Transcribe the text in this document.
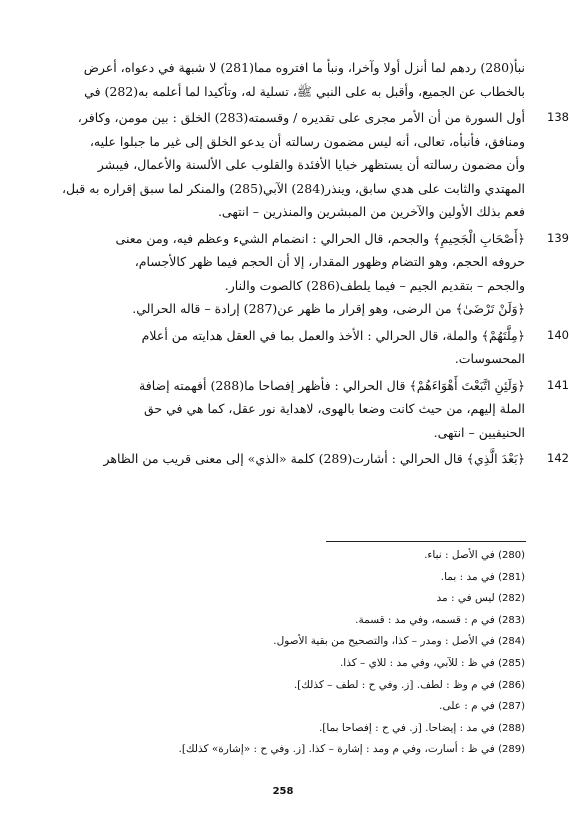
نبأ(280) ردهم لما أنزل أولا وآخرا، ونبأ ما افتروه مما(281) لا شبهة في دعواه، أعرض
بالخطاب عن الجميع، وأقبل به على النبي ﷺ، تسلية له، وتأكيدا لما أعلمه به(282) في
138
أول السورة من أن الأمر مجرى على تقديره / وقسمته(283) الخلق : بين مومن، وكافر،
ومنافق، فأنبأه، تعالى، أنه ليس مضمون رسالته أن يدعو الخلق إلى غير ما جبلوا عليه،
وأن مضمون رسالته أن يستظهر خبايا الأفئدة والقلوب على الألسنة والأعمال، فيبشر
المهتدي والثابت على هدي سابق، وينذر(284) الآبي(285) والمنكر لما سبق إقراره به قبل،
فعم بذلك الأولين والآخرين من المبشرين والمنذرين – انتهى.
139
﴿أَصْحَابِ الْجَحِيمِ﴾ والجحم، قال الحرالي : انضمام الشيء وعظم فيه، ومن معنى
حروفه الحجم، وهو التضام وظهور المقدار، إلا أن الحجم فيما ظهر كالأجسام،
والجحم – بتقديم الجيم – فيما يلطف(286) كالصوت والنار.
﴿وَلَنْ تَرْضَىٰ﴾ من الرضى، وهو إقرار ما ظهر عن(287) إرادة – قاله الحرالي.
140
﴿مِلَّتَهُمْ﴾ والملة، قال الحرالي : الأخذ والعمل بما في العقل هدايته من أعلام
المحسوسات.
141
﴿وَلَئِنِ اتَّبَعْتَ أَهْوَاءَهُمْ﴾ قال الحرالي : فأظهر إفصاحا ما(288) أفهمته إضافة
الملة إليهم، من حيث كانت وضعا بالهوى، لاهداية نور عقل، كما هي في حق
الحنيفيين – انتهى.
142
﴿بَعْدَ الَّذِي﴾ قال الحرالي : أشارت(289) كلمة «الذي» إلى معنى قريب من الظاهر
(280) في الأصل : نباء.
(281) في مد : بما.
(282) ليس في : مد
(283) في م : قسمه، وفي مد : قسمة.
(284) في الأصل : ومدر – كذا، والتصحيح من بقية الأصول.
(285) في ظ : للآبي، وفي مد : للاي – كذا.
(286) في م وظ : لطف. [ز. وفي ح : لطف – كذلك].
(287) في م : على.
(288) في مد : إيضاحا. [ز. في ح : إفصاحا بما].
(289) في ظ : أسارت، وفي م ومد : إشارة – كذا. [ز. وفي ح : «إشارة» كذلك].
258
